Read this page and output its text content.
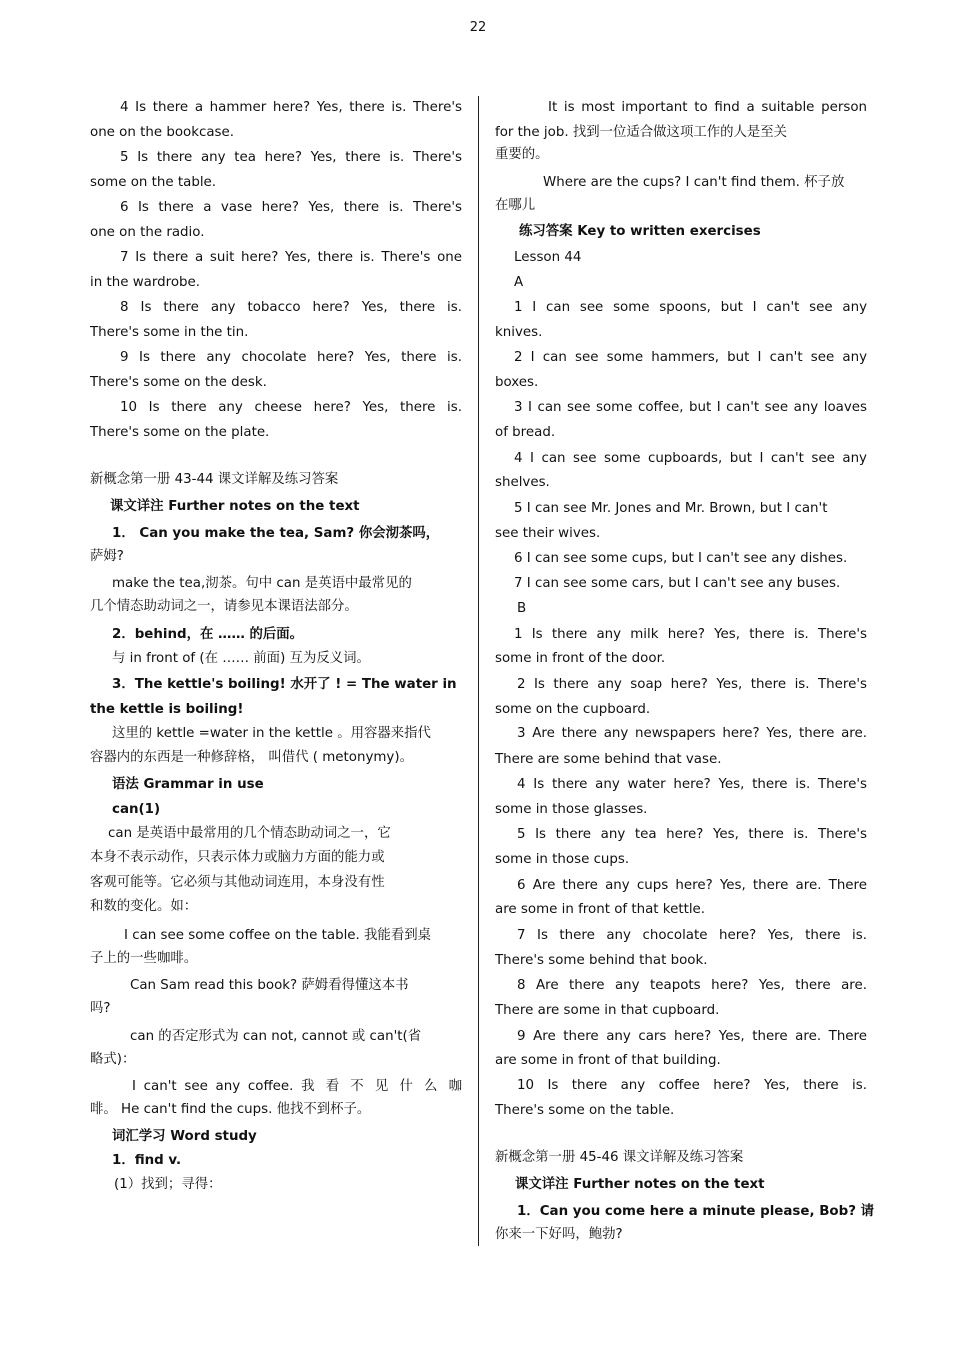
22
4 Is there a hammer here? Yes, there is. There's
one on the bookcase.
5 Is there any tea here? Yes, there is. There's
some on the table.
6 Is there a vase here? Yes, there is. There's
one on the radio.
7 Is there a suit here? Yes, there is. There's one
in the wardrobe.
8 Is there any tobacco here? Yes, there is.
There's some in the tin.
9 Is there any chocolate here? Yes, there is.
There's some on the desk.
10 Is there any cheese here? Yes, there is.
There's some on the plate.
新概念第一册 43-44 课文详解及练习答案
课文详注 Further notes on the text
1． Can you make the tea, Sam? 你会沏茶吗，
萨姆?
make the tea,沏茶。句中 can 是英语中最常见的
几个情态助动词之一，请参见本课语法部分。
2．behind，在 …… 的后面。
与 in front of (在 …… 前面) 互为反义词。
3．The kettle's boiling! 水开了 ! = The water in
the kettle is boiling!
这里的 kettle =water in the kettle 。用容器来指代
容器内的东西是一种修辞格， 叫借代 ( metonymy)。
语法 Grammar in use
can(1)
can 是英语中最常用的几个情态助动词之一，它
本身不表示动作，只表示体力或脑力方面的能力或
客观可能等。它必须与其他动词连用，本身没有性
和数的变化。如：
I can see some coffee on the table. 我能看到桌
子上的一些咖啡。
Can Sam read this book? 萨姆看得懂这本书
吗?
can 的否定形式为 can not, cannot 或 can't(省
略式)：
I can't see any coffee. 我 看 不 见 什 么 咖
啡。 He can't find the cups. 他找不到杯子。
词汇学习 Word study
1．find v.
(1）找到；寻得：
It is most important to find a suitable person
for the job. 找到一位适合做这项工作的人是至关
重要的。
Where are the cups? I can't find them. 杯子放
在哪儿
练习答案 Key to written exercises
Lesson 44
A
1 I can see some spoons, but I can't see any
knives.
2 I can see some hammers, but I can't see any
boxes.
3 I can see some coffee, but I can't see any loaves
of bread.
4 I can see some cupboards, but I can't see any
shelves.
5 I can see Mr. Jones and Mr. Brown, but I can't
see their wives.
6 I can see some cups, but I can't see any dishes.
7 I can see some cars, but I can't see any buses.
B
1 Is there any milk here? Yes, there is. There's
some in front of the door.
2 Is there any soap here? Yes, there is. There's
some on the cupboard.
3 Are there any newspapers here? Yes, there are.
There are some behind that vase.
4 Is there any water here? Yes, there is. There's
some in those glasses.
5 Is there any tea here? Yes, there is. There's
some in those cups.
6 Are there any cups here? Yes, there are. There
are some in front of that kettle.
7 Is there any chocolate here? Yes, there is.
There's some behind that book.
8 Are there any teapots here? Yes, there are.
There are some in that cupboard.
9 Are there any cars here? Yes, there are. There
are some in front of that building.
10 Is there any coffee here? Yes, there is.
There's some on the table.
新概念第一册 45-46 课文详解及练习答案
课文详注 Further notes on the text
1．Can you come here a minute please, Bob? 请
你来一下好吗，鲍勃?
